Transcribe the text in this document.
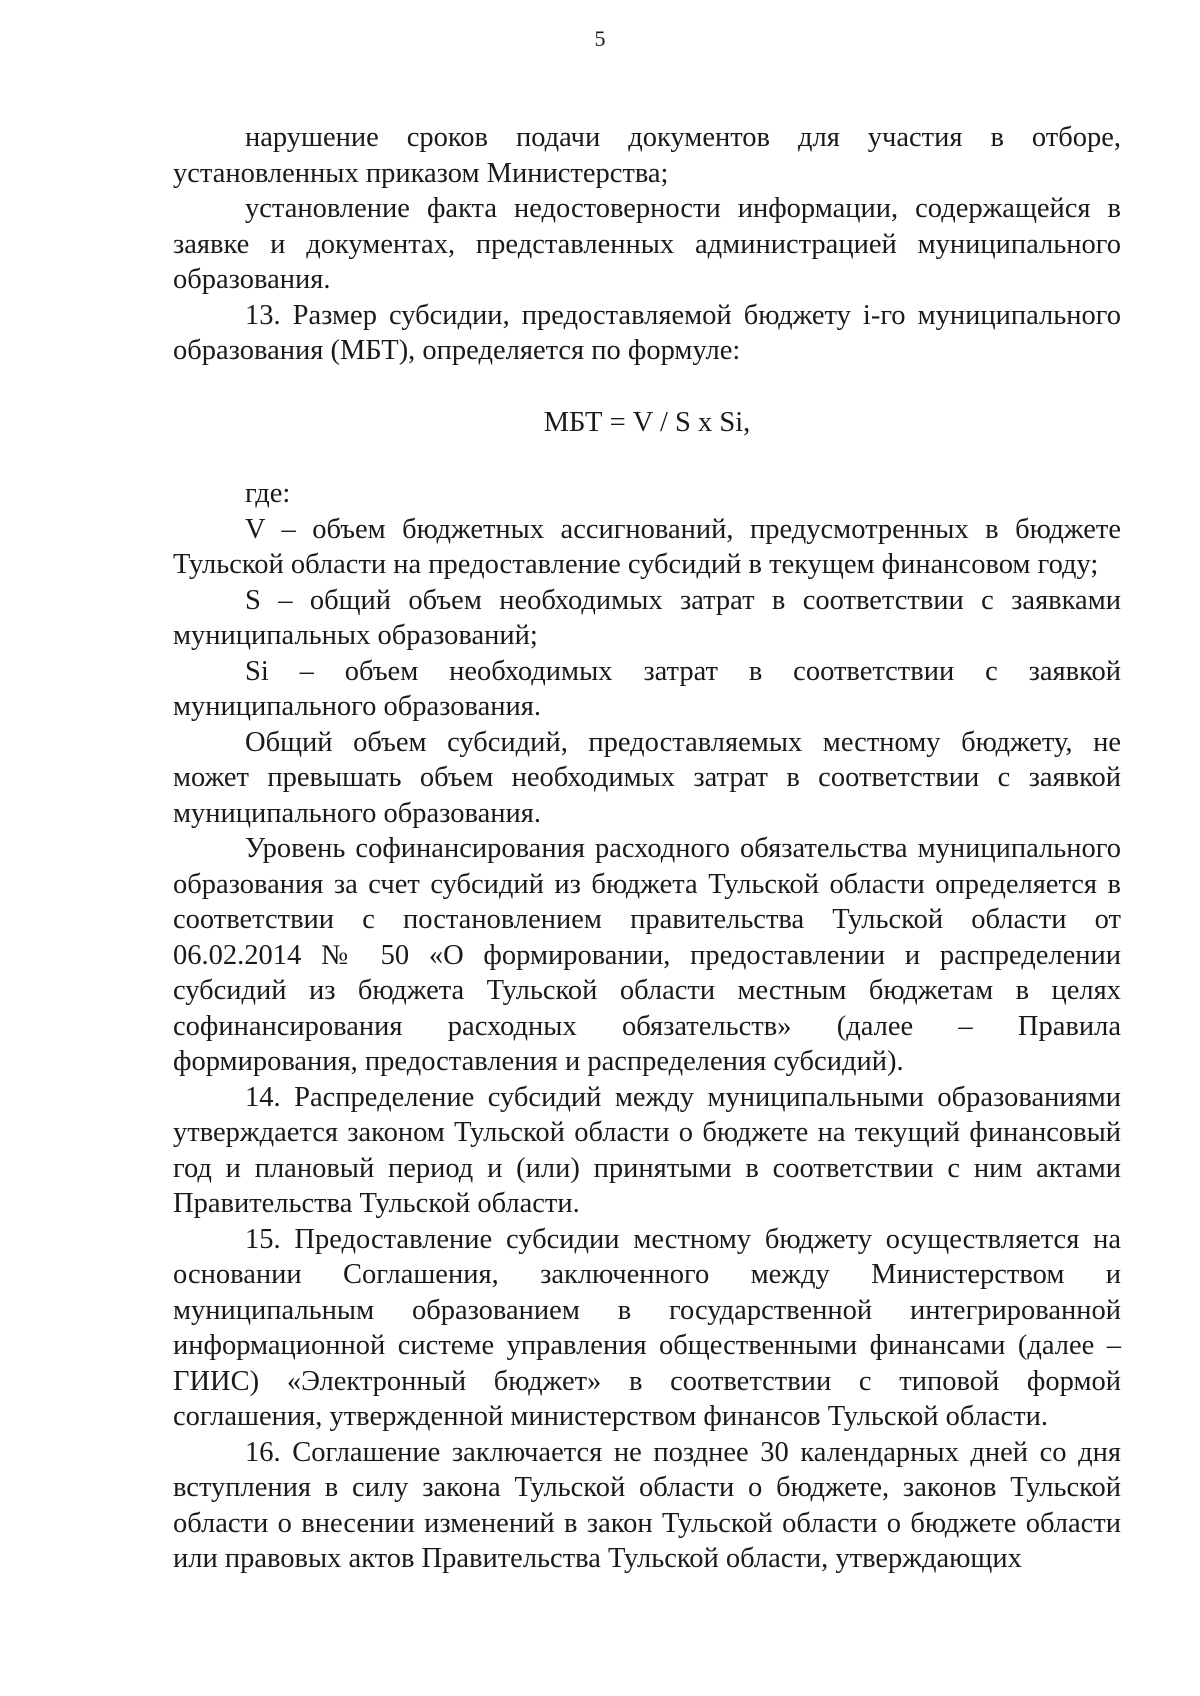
5

нарушение сроков подачи документов для участия в отборе, установленных приказом Министерства;

установление факта недостоверности информации, содержащейся в заявке и документах, представленных администрацией муниципального образования.

13. Размер субсидии, предоставляемой бюджету i-го муниципального образования (МБТ), определяется по формуле:

МБТ = V / S x Si,

где:

V – объем бюджетных ассигнований, предусмотренных в бюджете Тульской области на предоставление субсидий в текущем финансовом году;

S – общий объем необходимых затрат в соответствии с заявками муниципальных образований;

Si – объем необходимых затрат в соответствии с заявкой муниципального образования.

Общий объем субсидий, предоставляемых местному бюджету, не может превышать объем необходимых затрат в соответствии с заявкой муниципального образования.

Уровень софинансирования расходного обязательства муниципального образования за счет субсидий из бюджета Тульской области определяется в соответствии с постановлением правительства Тульской области от 06.02.2014 № 50 «О формировании, предоставлении и распределении субсидий из бюджета Тульской области местным бюджетам в целях софинансирования расходных обязательств» (далее – Правила формирования, предоставления и распределения субсидий).

14. Распределение субсидий между муниципальными образованиями утверждается законом Тульской области о бюджете на текущий финансовый год и плановый период и (или) принятыми в соответствии с ним актами Правительства Тульской области.

15. Предоставление субсидии местному бюджету осуществляется на основании Соглашения, заключенного между Министерством и муниципальным образованием в государственной интегрированной информационной системе управления общественными финансами (далее – ГИИС) «Электронный бюджет» в соответствии с типовой формой соглашения, утвержденной министерством финансов Тульской области.

16. Соглашение заключается не позднее 30 календарных дней со дня вступления в силу закона Тульской области о бюджете, законов Тульской области о внесении изменений в закон Тульской области о бюджете области или правовых актов Правительства Тульской области, утверждающих
